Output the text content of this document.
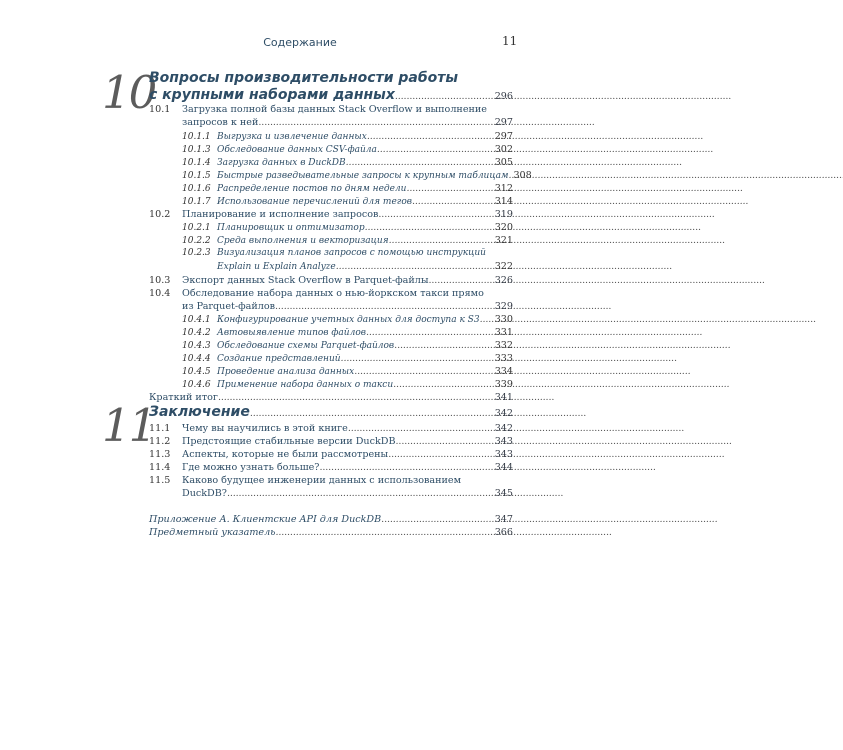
Содержание	11
10
Вопросы производительности работы
с крупными наборами данных . . .	296
10.1 Загрузка полной базы данных Stack Overflow и выполнение
запросов к ней . . .	297
10.1.1 Выгрузка и извлечение данных . . .	297
10.1.3 Обследование данных CSV-файла . . .	302
10.1.4 Загрузка данных в DuckDB . . .	305
10.1.5 Быстрые разведывательные запросы к крупным таблицам . . . 308
10.1.6 Распределение постов по дням недели . . .	312
10.1.7 Использование перечислений для тегов . . .	314
10.2	Планирование и исполнение запросов . . .	319
10.2.1 Планировщик и оптимизатор . . .	320
10.2.2 Среда выполнения и векторизация . . .	321
10.2.3 Визуализация планов запросов с помощью инструкций
Explain и Explain Analyze . . .	322
10.3	Экспорт данных Stack Overflow в Parquet-файлы . . .	326
10.4 Обследование набора данных о нью-йоркском такси прямо
из Parquet-файлов . . .	329
10.4.1 Конфигурирование учетных данных для доступа к S3 . . . 330
10.4.2 Автовыявление типов файлов . . .	331
10.4.3 Обследование схемы Parquet-файлов . . .	332
10.4.4 Создание представлений . . .	333
10.4.5 Проведение анализа данных . . .	334
10.4.6 Применение набора данных о такси . . .	339
Краткий итог . . .	341
11
Заключение . . .	342
11.1	Чему вы научились в этой книге . . .	342
11.2	Предстоящие стабильные версии DuckDB . . .	343
11.3	Аспекты, которые не были рассмотрены . . .	343
11.4	Где можно узнать больше? . . .	344
11.5 Каково будущее инженерии данных с использованием
DuckDB? . . .	345
Приложение А. Клиентские API для DuckDB . . .	347
Предметный указатель . . .	366
